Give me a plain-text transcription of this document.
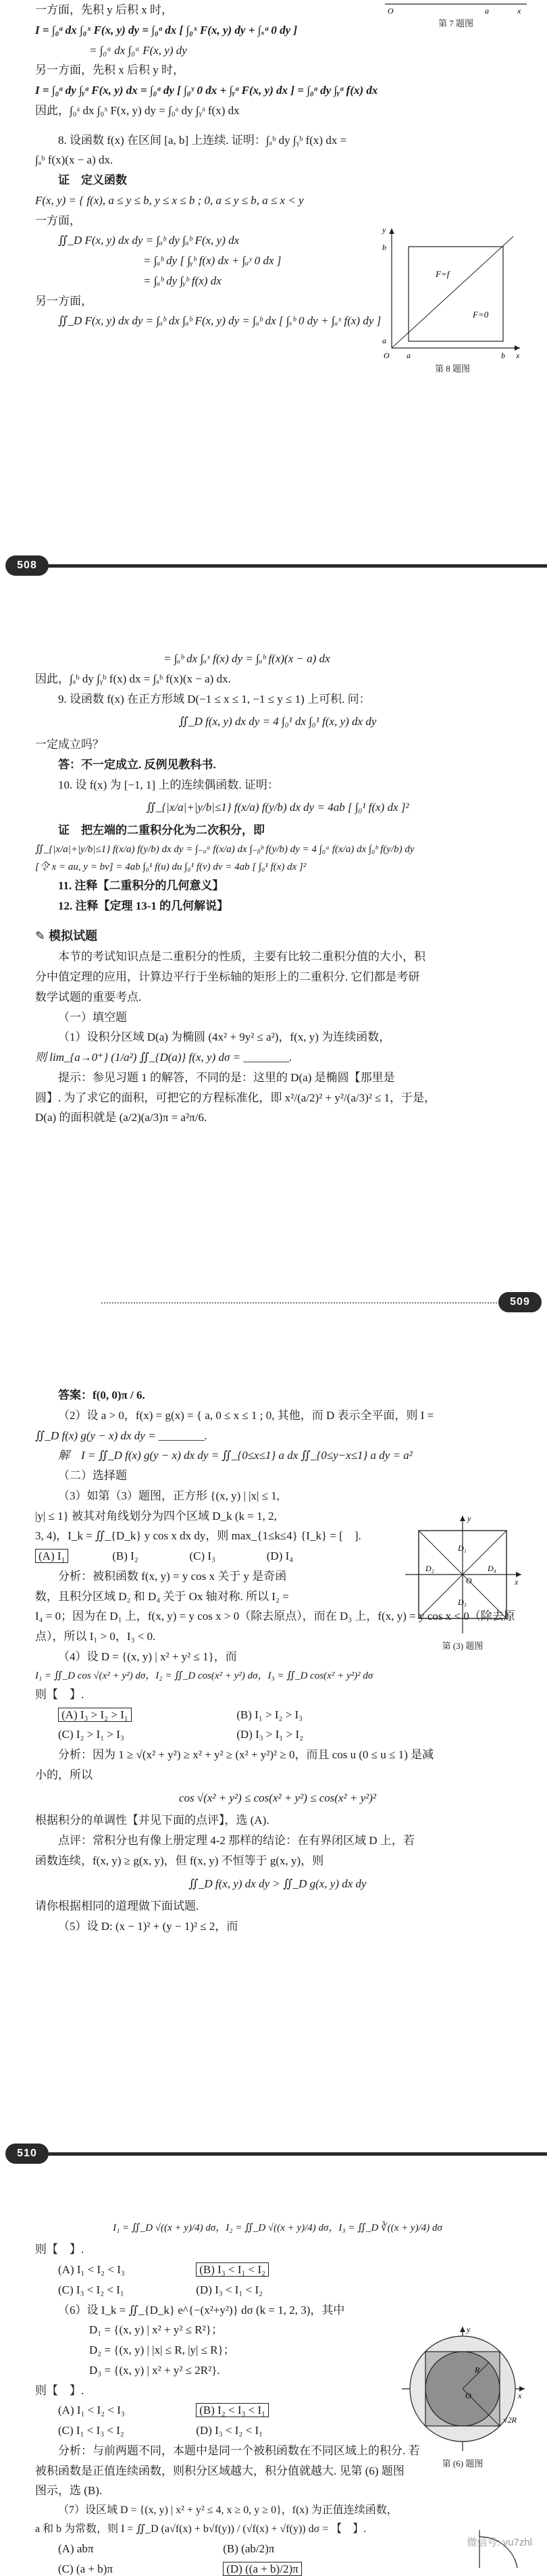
O	a	x
第 7 题图
一方面，先积 y 后积 x 时，
I = ∫₀ᵃ dx ∫₀ˣ F(x, y) dy = ∫₀ᵃ dx [ ∫₀ˣ F(x, y) dy + ∫ₓᵃ 0 dy ]
= ∫₀ᵃ dx ∫₀ᵃ F(x, y) dy
另一方面，先积 x 后积 y 时，
I = ∫₀ᵃ dy ∫ᵧᵃ F(x, y) dx = ∫₀ᵃ dy [ ∫₀ʸ 0 dx + ∫ᵧᵃ F(x, y) dx ] = ∫₀ᵃ dy ∫ᵧᵃ f(x) dx
因此，∫₀ᵃ dx ∫₀ˣ F(x, y) dy = ∫₀ᵃ dy ∫ᵧᵃ f(x) dx
8. 设函数 f(x) 在区间 [a, b] 上连续. 证明：∫ₐᵇ dy ∫ᵧᵇ f(x) dx =
∫ₐᵇ f(x)(x − a) dx.
证　定义函数
F(x, y) = { f(x), a ≤ y ≤ b, y ≤ x ≤ b ; 0, a ≤ y ≤ b, a ≤ x < y
一方面，
∬_D F(x, y) dx dy = ∫ₐᵇ dy ∫ₐᵇ F(x, y) dx
= ∫ₐᵇ dy [ ∫ᵧᵇ f(x) dx + ∫ₐʸ 0 dx ]
= ∫ₐᵇ dy ∫ᵧᵇ f(x) dx
另一方面，
∬_D F(x, y) dx dy = ∫ₐᵇ dx ∫ₐᵇ F(x, y) dy = ∫ₐᵇ dx [ ∫ₓᵇ 0 dy + ∫ₐˣ f(x) dy ]
F=f
F=0
O a	b x
y
b
a
第 8 题图
508
= ∫ₐᵇ dx ∫ₐˣ f(x) dy = ∫ₐᵇ f(x)(x − a) dx
因此，∫ₐᵇ dy ∫ᵧᵇ f(x) dx = ∫ₐᵇ f(x)(x − a) dx.
9. 设函数 f(x) 在正方形域 D(−1 ≤ x ≤ 1, −1 ≤ y ≤ 1) 上可积. 问：
∬_D f(x, y) dx dy = 4 ∫₀¹ dx ∫₀¹ f(x, y) dx dy
一定成立吗？
答：不一定成立. 反例见教科书.
10. 设 f(x) 为 [−1, 1] 上的连续偶函数. 证明：
∬_{|x/a|+|y/b|≤1} f(x/a) f(y/b) dx dy = 4ab [ ∫₀¹ f(x) dx ]²
证　把左端的二重积分化为二次积分，即
∬_{|x/a|+|y/b|≤1} f(x/a) f(y/b) dx dy = ∫₋ₐᵃ f(x/a) dx ∫₋ᵦᵇ f(y/b) dy = 4 ∫₀ᵃ f(x/a) dx ∫₀ᵇ f(y/b) dy
[令 x = au, y = bv] = 4ab ∫₀¹ f(u) du ∫₀¹ f(v) dv = 4ab [ ∫₀¹ f(x) dx ]²
11. 注释【二重积分的几何意义】
12. 注释【定理 13-1 的几何解说】
✎ 模拟试题
本节的考试知识点是二重积分的性质，主要有比较二重积分值的大小，积
分中值定理的应用，计算边平行于坐标轴的矩形上的二重积分. 它们都是考研
数学试题的重要考点.
（一）填空题
（1）设积分区域 D(a) 为椭圆 (4x² + 9y² ≤ a²)，f(x, y) 为连续函数，
则 lim_{a→0⁺} (1/a²) ∬_{D(a)} f(x, y) dσ = ________.
提示：参见习题 1 的解答，不同的是：这里的 D(a) 是椭圆【那里是
圆】. 为了求它的面积，可把它的方程标准化，即 x²/(a/2)² + y²/(a/3)² ≤ 1，于是，
D(a) 的面积就是 (a/2)(a/3)π = a²π/6.
509
答案：f(0, 0)π / 6.
（2）设 a > 0，f(x) = g(x) = { a, 0 ≤ x ≤ 1 ; 0, 其他，而 D 表示全平面，则 I =
∬_D f(x) g(y − x) dx dy = ________.
解　I = ∬_D f(x) g(y − x) dx dy = ∬_{0≤x≤1} a dx ∬_{0≤y−x≤1} a dy = a²
（二）选择题
（3）如第（3）题图，正方形 {(x, y) | |x| ≤ 1,
|y| ≤ 1} 被其对角线划分为四个区域 D_k (k = 1, 2,
3, 4)，I_k = ∬_{D_k} y cos x dx dy，则 max_{1≤k≤4} {I_k} = [　].
(A) I₁	(B) I₂	(C) I₃	(D) I₄
分析：被积函数 f(x, y) = y cos x 关于 y 是奇函
数，且积分区域 D₂ 和 D₄ 关于 Ox 轴对称. 所以 I₂ =
I₄ = 0；因为在 D₁ 上，f(x, y) = y cos x > 0（除去原点），而在 D₃ 上，f(x, y) = y cos x < 0（除去原点），所以 I₁ > 0，I₃ < 0.
（4）设 D = {(x, y) | x² + y² ≤ 1}，而
I₁ = ∬_D cos √(x² + y²) dσ，I₂ = ∬_D cos(x² + y²) dσ，I₃ = ∬_D cos(x² + y²)² dσ
则【　】.
(A) I₃ > I₂ > I₁	(B) I₁ > I₂ > I₃
(C) I₂ > I₁ > I₃	(D) I₃ > I₁ > I₂
分析：因为 1 ≥ √(x² + y²) ≥ x² + y² ≥ (x² + y²)² ≥ 0，而且 cos u (0 ≤ u ≤ 1) 是减
小的，所以
cos √(x² + y²) ≤ cos(x² + y²) ≤ cos(x² + y²)²
根据积分的单调性【并见下面的点评】，选 (A).
点评：常积分也有像上册定理 4-2 那样的结论：在有界闭区域 D 上，若
函数连续，f(x, y) ≥ g(x, y)，但 f(x, y) 不恒等于 g(x, y)，则
∬_D f(x, y) dx dy > ∬_D g(x, y) dx dy
请你根据相同的道理做下面试题.
（5）设 D: (x − 1)² + (y − 1)² ≤ 2，而
D₁
D₂
D₃
D₄
O	x
y
第 (3) 题图
510
I₁ = ∬_D √((x + y)/4) dσ，I₂ = ∬_D √((x + y)/4) dσ，I₃ = ∬_D ∛((x + y)/4) dσ
则【　】.
(A) I₁ < I₂ < I₃	(B) I₃ < I₁ < I₂
(C) I₃ < I₂ < I₁	(D) I₃ < I₁ < I₂
（6）设 I_k = ∬_{D_k} e^{−(x²+y²)} dσ (k = 1, 2, 3)，其中
D₁ = {(x, y) | x² + y² ≤ R²}；
D₂ = {(x, y) | |x| ≤ R, |y| ≤ R}；
D₃ = {(x, y) | x² + y² ≤ 2R²}.
则【　】.
(A) I₁ < I₂ < I₃	(B) I₂ < I₃ < I₁
(C) I₁ < I₃ < I₂	(D) I₃ < I₂ < I₁
分析：与前两题不同，本题中是同一个被积函数在不同区域上的积分. 若
被积函数是正值连续函数，则积分区域越大，积分值就越大. 见第 (6) 题图
图示，选 (B).
（7）设区域 D = {(x, y) | x² + y² ≤ 4, x ≥ 0, y ≥ 0}，f(x) 为正值连续函数，
a 和 b 为常数，则 I = ∬_D (a√f(x) + b√f(y)) / (√f(x) + √f(y)) dσ = 【　】.
(A) abπ	(B) (ab/2)π
(C) (a + b)π	(D) ((a + b)/2)π
R
√2R
O	x
y
第 (6) 题图
微信号: yu7zhl
